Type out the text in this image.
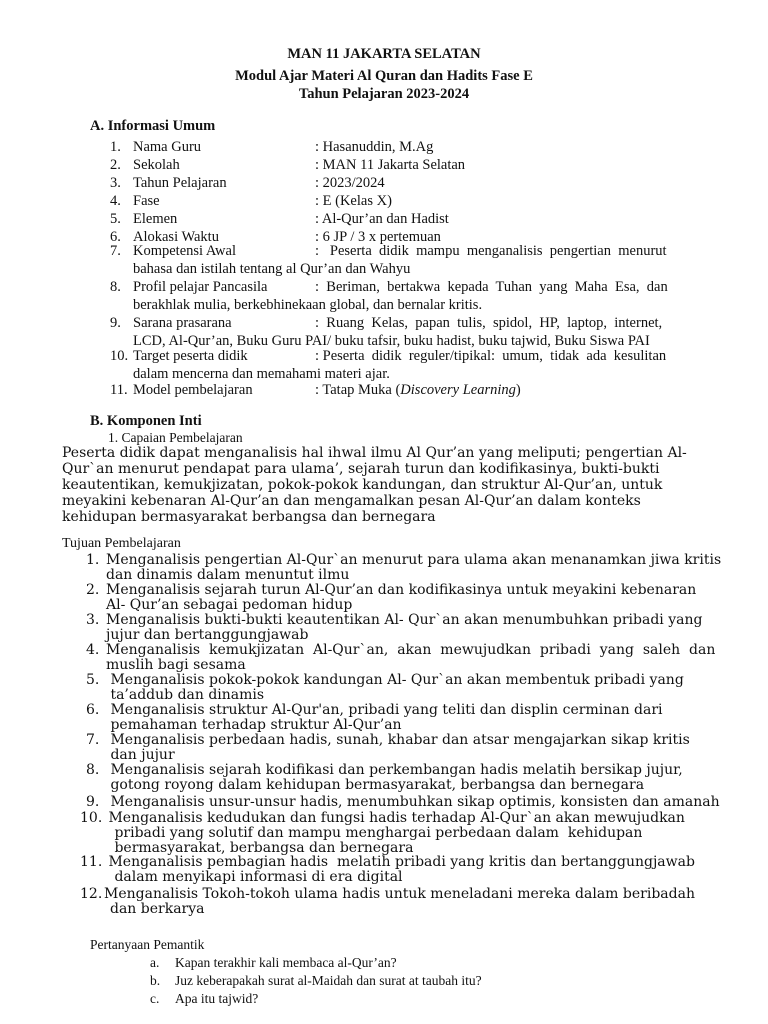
MAN 11 JAKARTA SELATAN
Modul Ajar Materi Al Quran dan Hadits Fase E
Tahun Pelajaran 2023-2024
A. Informasi Umum
1. Nama Guru	: Hasanuddin, M.Ag
2. Sekolah	: MAN 11 Jakarta Selatan
3. Tahun Pelajaran	: 2023/2024
4. Fase	: E (Kelas X)
5. Elemen	: Al-Qur’an dan Hadist
6. Alokasi Waktu	: 6 JP / 3 x pertemuan
7. Kompetensi Awal	:   Peserta  didik  mampu  menganalisis  pengertian  menurut
bahasa dan istilah tentang al Qur’an dan Wahyu
8. Profil pelajar Pancasila	:  Beriman,  bertakwa  kepada  Tuhan  yang  Maha  Esa,  dan
berakhlak mulia, berkebhinekaan global, dan bernalar kritis.
9. Sarana prasarana	:  Ruang  Kelas,  papan  tulis,  spidol,  HP,  laptop,  internet,
LCD, Al-Qur’an, Buku Guru PAI/ buku tafsir, buku hadist, buku tajwid, Buku Siswa PAI
10. Target peserta didik	: Peserta  didik  reguler/tipikal:  umum,  tidak  ada  kesulitan
dalam mencerna dan memahami materi ajar.
11. Model pembelajaran	: Tatap Muka (Discovery Learning)
B. Komponen Inti
1. Capaian Pembelajaran
Peserta didik dapat menganalisis hal ihwal ilmu Al Qur’an yang meliputi; pengertian Al-
Qur`an menurut pendapat para ulama’, sejarah turun dan kodifikasinya, bukti-bukti
keautentikan, kemukjizatan, pokok-pokok kandungan, dan struktur Al-Qur’an, untuk
meyakini kebenaran Al-Qur’an dan mengamalkan pesan Al-Qur’an dalam konteks
kehidupan bermasyarakat berbangsa dan bernegara
Tujuan Pembelajaran
1. Menganalisis pengertian Al-Qur`an menurut para ulama akan menanamkan jiwa kritis
dan dinamis dalam menuntut ilmu
2. Menganalisis sejarah turun Al-Qur’an dan kodifikasinya untuk meyakini kebenaran
Al- Qur’an sebagai pedoman hidup
3. Menganalisis bukti-bukti keautentikan Al- Qur`an akan menumbuhkan pribadi yang
jujur dan bertanggungjawab
4. Menganalisis  kemukjizatan  Al-Qur`an,  akan  mewujudkan  pribadi  yang  saleh  dan
muslih bagi sesama
5. Menganalisis pokok-pokok kandungan Al- Qur`an akan membentuk pribadi yang
ta’addub dan dinamis
6. Menganalisis struktur Al-Qur'an, pribadi yang teliti dan displin cerminan dari
pemahaman terhadap struktur Al-Qur’an
7. Menganalisis perbedaan hadis, sunah, khabar dan atsar mengajarkan sikap kritis
dan jujur
8. Menganalisis sejarah kodifikasi dan perkembangan hadis melatih bersikap jujur,
gotong royong dalam kehidupan bermasyarakat, berbangsa dan bernegara
9. Menganalisis unsur-unsur hadis, menumbuhkan sikap optimis, konsisten dan amanah
10. Menganalisis kedudukan dan fungsi hadis terhadap Al-Qur`an akan mewujudkan
pribadi yang solutif dan mampu menghargai perbedaan dalam  kehidupan
bermasyarakat, berbangsa dan bernegara
11. Menganalisis pembagian hadis  melatih pribadi yang kritis dan bertanggungjawab
dalam menyikapi informasi di era digital
12. Menganalisis Tokoh-tokoh ulama hadis untuk meneladani mereka dalam beribadah
dan berkarya
Pertanyaan Pemantik
a. Kapan terakhir kali membaca al-Qur’an?
b. Juz keberapakah surat al-Maidah dan surat at taubah itu?
c. Apa itu tajwid?
